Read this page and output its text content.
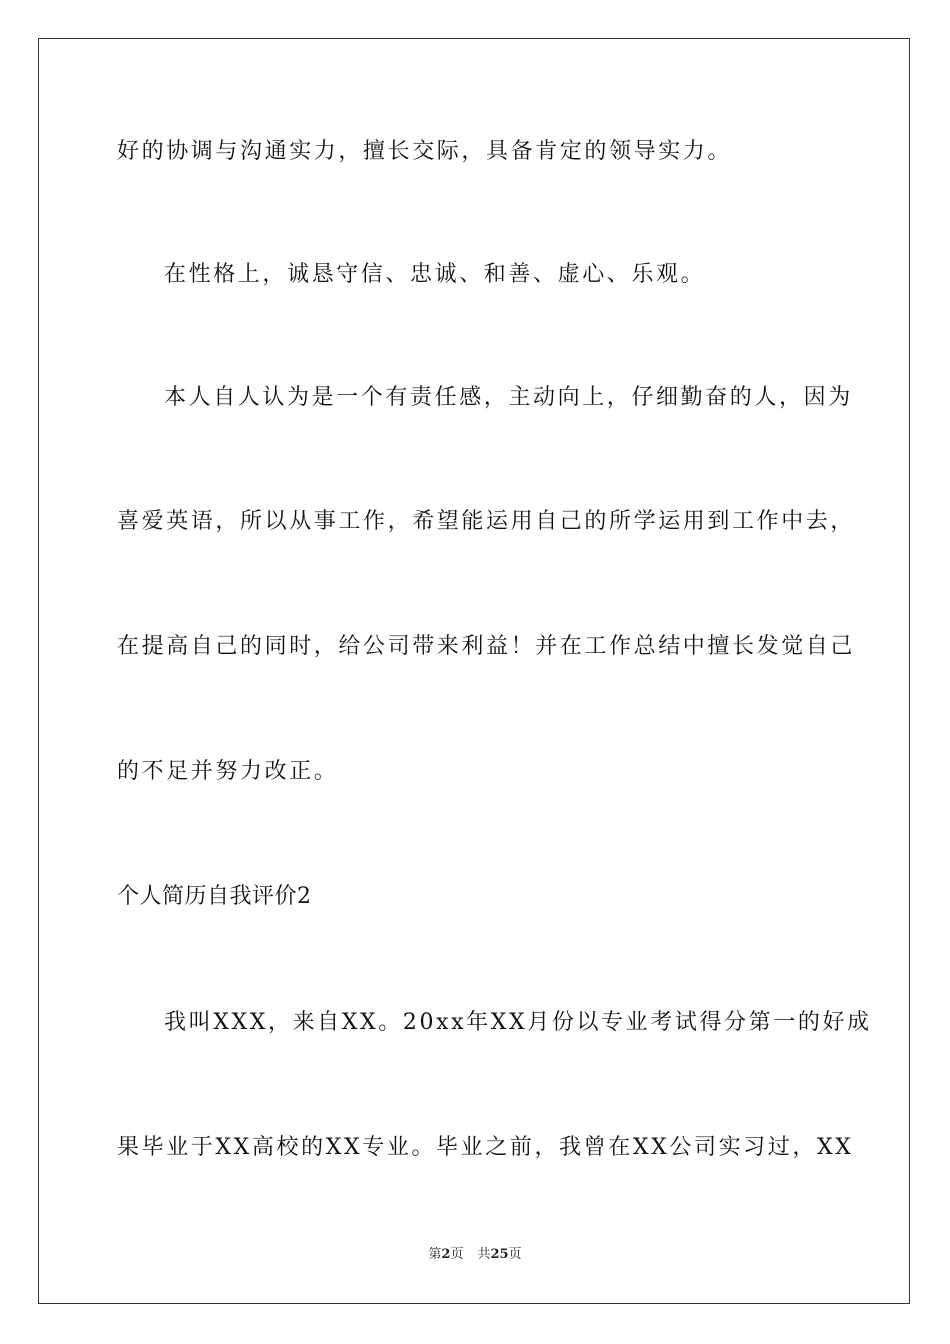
好的协调与沟通实力，擅长交际，具备肯定的领导实力。
在性格上，诚恳守信、忠诚、和善、虚心、乐观。
本人自人认为是一个有责任感，主动向上，仔细勤奋的人，因为
喜爱英语，所以从事工作，希望能运用自己的所学运用到工作中去，
在提高自己的同时，给公司带来利益！并在工作总结中擅长发觉自己
的不足并努力改正。
个人简历自我评价2
我叫XXX，来自XX。20xx年XX月份以专业考试得分第一的好成
果毕业于XX高校的XX专业。毕业之前，我曾在XX公司实习过，XX
第2页 共25页
